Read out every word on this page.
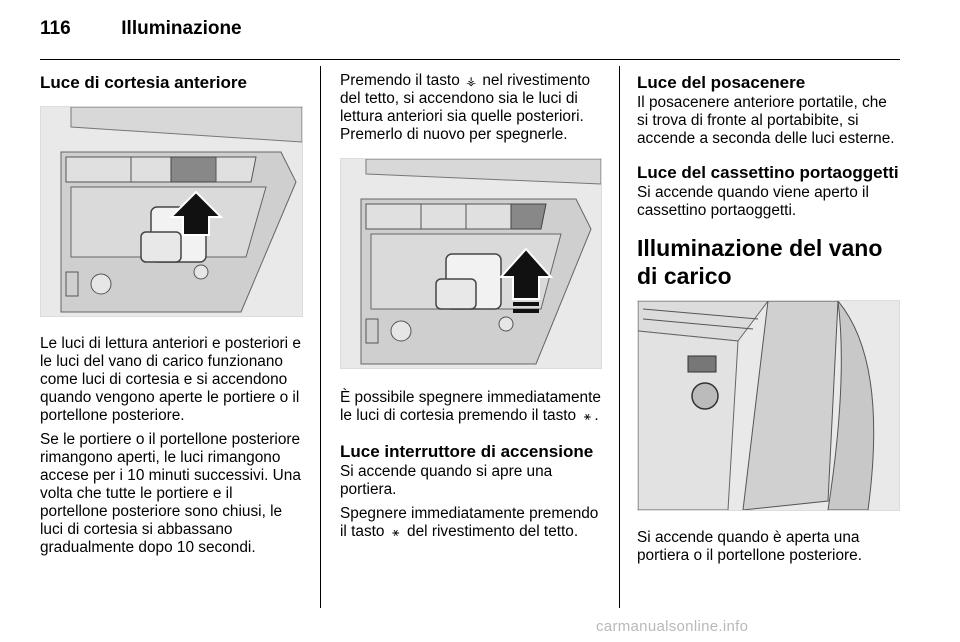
116	Illuminazione
Luce di cortesia anteriore

Le luci di lettura anteriori e posteriori e le luci del vano di carico funzionano come luci di cortesia e si accendono quando vengono aperte le portiere o il portellone posteriore.

Se le portiere o il portellone posteriore rimangono aperti, le luci rimangono accese per i 10 minuti successivi. Una volta che tutte le portiere e il portellone posteriore sono chiusi, le luci di cortesia si abbassano gradualmente dopo 10 secondi.

Premendo il tasto ⚶ nel rivestimento del tetto, si accendono sia le luci di lettura anteriori sia quelle posteriori. Premerlo di nuovo per spegnerle.

È possibile spegnere immediatamente le luci di cortesia premendo il tasto ⚹ .

Luce interruttore di accensione

Si accende quando si apre una portiera.

Spegnere immediatamente premendo il tasto ⚹ del rivestimento del tetto.

Luce del posacenere

Il posacenere anteriore portatile, che si trova di fronte al portabibite, si accende a seconda delle luci esterne.

Luce del cassettino portaoggetti

Si accende quando viene aperto il cassettino portaoggetti.

Illuminazione del vano di carico

Si accende quando è aperta una portiera o il portellone posteriore.

carmanualsonline.info
